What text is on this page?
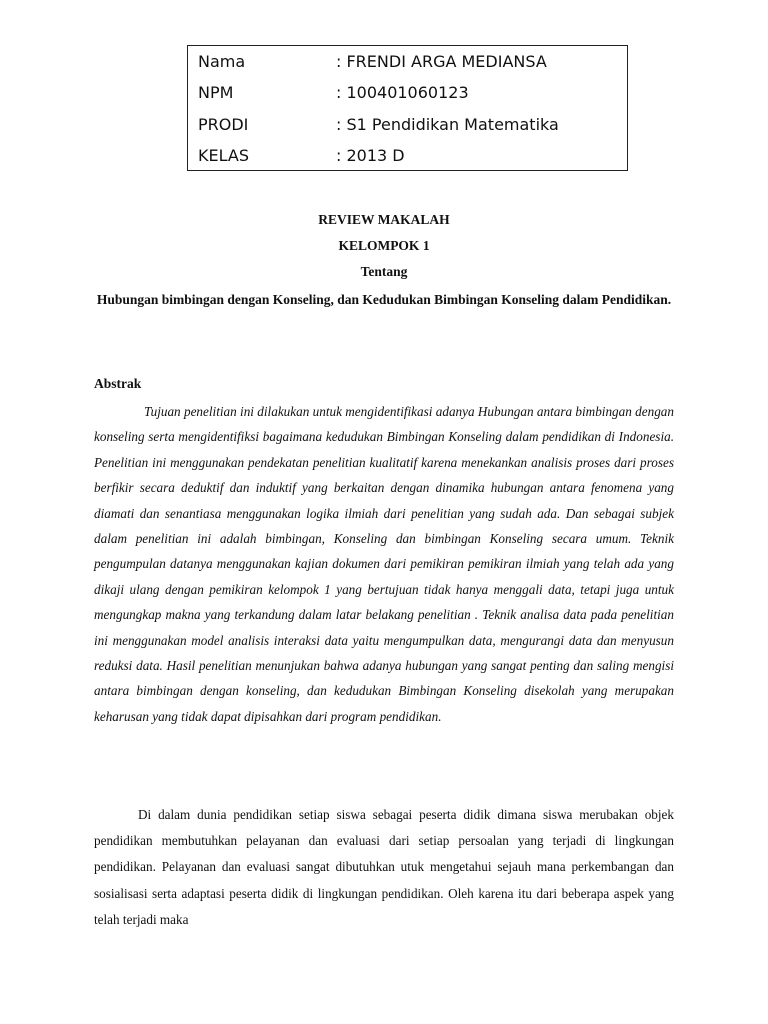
Nama	: FRENDI ARGA MEDIANSA
NPM	: 100401060123
PRODI	: S1 Pendidikan Matematika
KELAS	: 2013 D
REVIEW MAKALAH
KELOMPOK 1
Tentang
Hubungan bimbingan dengan Konseling, dan Kedudukan Bimbingan Konseling dalam Pendidikan.
Abstrak

Tujuan penelitian ini dilakukan untuk mengidentifikasi adanya Hubungan antara bimbingan dengan konseling serta mengidentifiksi bagaimana kedudukan Bimbingan Konseling dalam pendidikan di Indonesia. Penelitian ini menggunakan pendekatan penelitian kualitatif karena menekankan analisis proses dari proses berfikir secara deduktif dan induktif yang berkaitan dengan dinamika hubungan antara fenomena yang diamati dan senantiasa menggunakan logika ilmiah dari penelitian yang sudah ada. Dan sebagai subjek dalam penelitian ini adalah bimbingan, Konseling dan bimbingan Konseling secara umum. Teknik pengumpulan datanya menggunakan kajian dokumen dari pemikiran pemikiran ilmiah yang telah ada yang dikaji ulang dengan pemikiran kelompok 1 yang bertujuan tidak hanya menggali data, tetapi juga untuk mengungkap makna yang terkandung dalam latar belakang penelitian . Teknik analisa data pada penelitian ini menggunakan model analisis interaksi data yaitu mengumpulkan data, mengurangi data dan menyusun reduksi data. Hasil penelitian menunjukan bahwa adanya hubungan yang sangat penting dan saling mengisi antara bimbingan dengan konseling, dan kedudukan Bimbingan Konseling disekolah yang merupakan keharusan yang tidak dapat dipisahkan dari program pendidikan.

Di dalam dunia pendidikan setiap siswa sebagai peserta didik dimana siswa merubakan objek pendidikan membutuhkan pelayanan dan evaluasi dari setiap persoalan yang terjadi di lingkungan pendidikan. Pelayanan dan evaluasi sangat dibutuhkan utuk mengetahui sejauh mana perkembangan dan sosialisasi serta adaptasi peserta didik di lingkungan pendidikan. Oleh karena itu dari beberapa aspek yang telah terjadi maka
